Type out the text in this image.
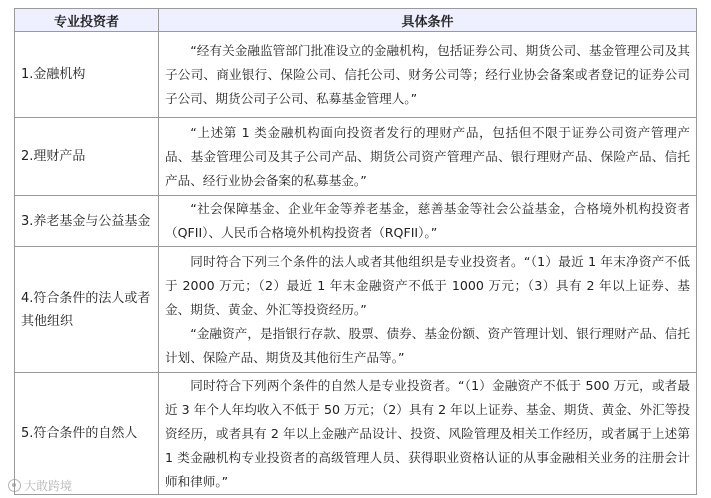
专业投资者	具体条件
1.金融机构	“经有关金融监管部门批准设立的金融机构，包括证券公司、期货公司、基金管理公司及其子公司、商业银行、保险公司、信托公司、财务公司等；经行业协会备案或者登记的证券公司子公司、期货公司子公司、私募基金管理人。”

2.理财产品	“上述第 1 类金融机构面向投资者发行的理财产品，包括但不限于证券公司资产管理产品、基金管理公司及其子公司产品、期货公司资产管理产品、银行理财产品、保险产品、信托产品、经行业协会备案的私募基金。”

3.养老基金与公益基金	“社会保障基金、企业年金等养老基金，慈善基金等社会公益基金，合格境外机构投资者（QFII）、人民币合格境外机构投资者（RQFII）。”

4.符合条件的法人或者其他组织	同时符合下列三个条件的法人或者其他组织是专业投资者。“（1）最近 1 年末净资产不低于 2000 万元；（2）最近 1 年末金融资产不低于 1000 万元；（3）具有 2 年以上证券、基金、期货、黄金、外汇等投资经历。”

“金融资产，是指银行存款、股票、债券、基金份额、资产管理计划、银行理财产品、信托计划、保险产品、期货及其他衍生产品等。”

5.符合条件的自然人	同时符合下列两个条件的自然人是专业投资者。“（1）金融资产不低于 500 万元，或者最近 3 年个人年均收入不低于 50 万元；（2）具有 2 年以上证券、基金、期货、黄金、外汇等投资经历，或者具有 2 年以上金融产品设计、投资、风险管理及相关工作经历，或者属于上述第 1 类金融机构专业投资者的高级管理人员、获得职业资格认证的从事金融相关业务的注册会计师和律师。”

大敢跨境
